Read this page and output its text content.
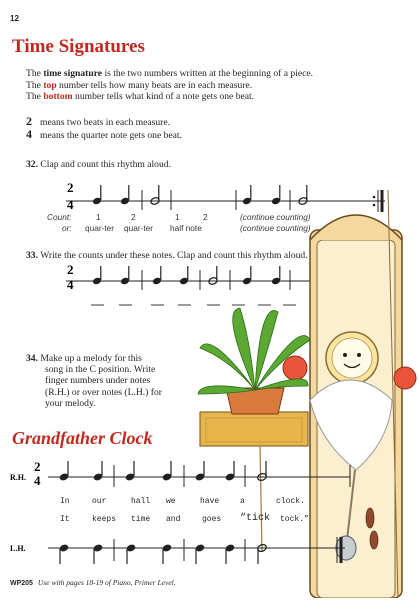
12
Time Signatures
The time signature is the two numbers written at the beginning of a piece.
The top number tells how many beats are in each measure.
The bottom number tells what kind of a note gets one beat.
2 means two beats in each measure.
4 means the quarter note gets one beat.
32. Clap and count this rhythm aloud.
2
4
Count:	1	2	1	2	(continue counting)
or: quar-ter quar-ter half note	(continue counting)
33. Write the counts under these notes. Clap and count this rhythm aloud.
2
4
34. Make up a melody for this
song in the C position. Write
finger numbers under notes
(R.H.) or over notes (L.H.) for
your melody.
Grandfather Clock
R.H.
2
4
In	our	hall we	have	a	clock.
It	keeps time and	goes “tick tock.”
L.H.
WP205 Use with pages 18-19 of Piano, Primer Level.
